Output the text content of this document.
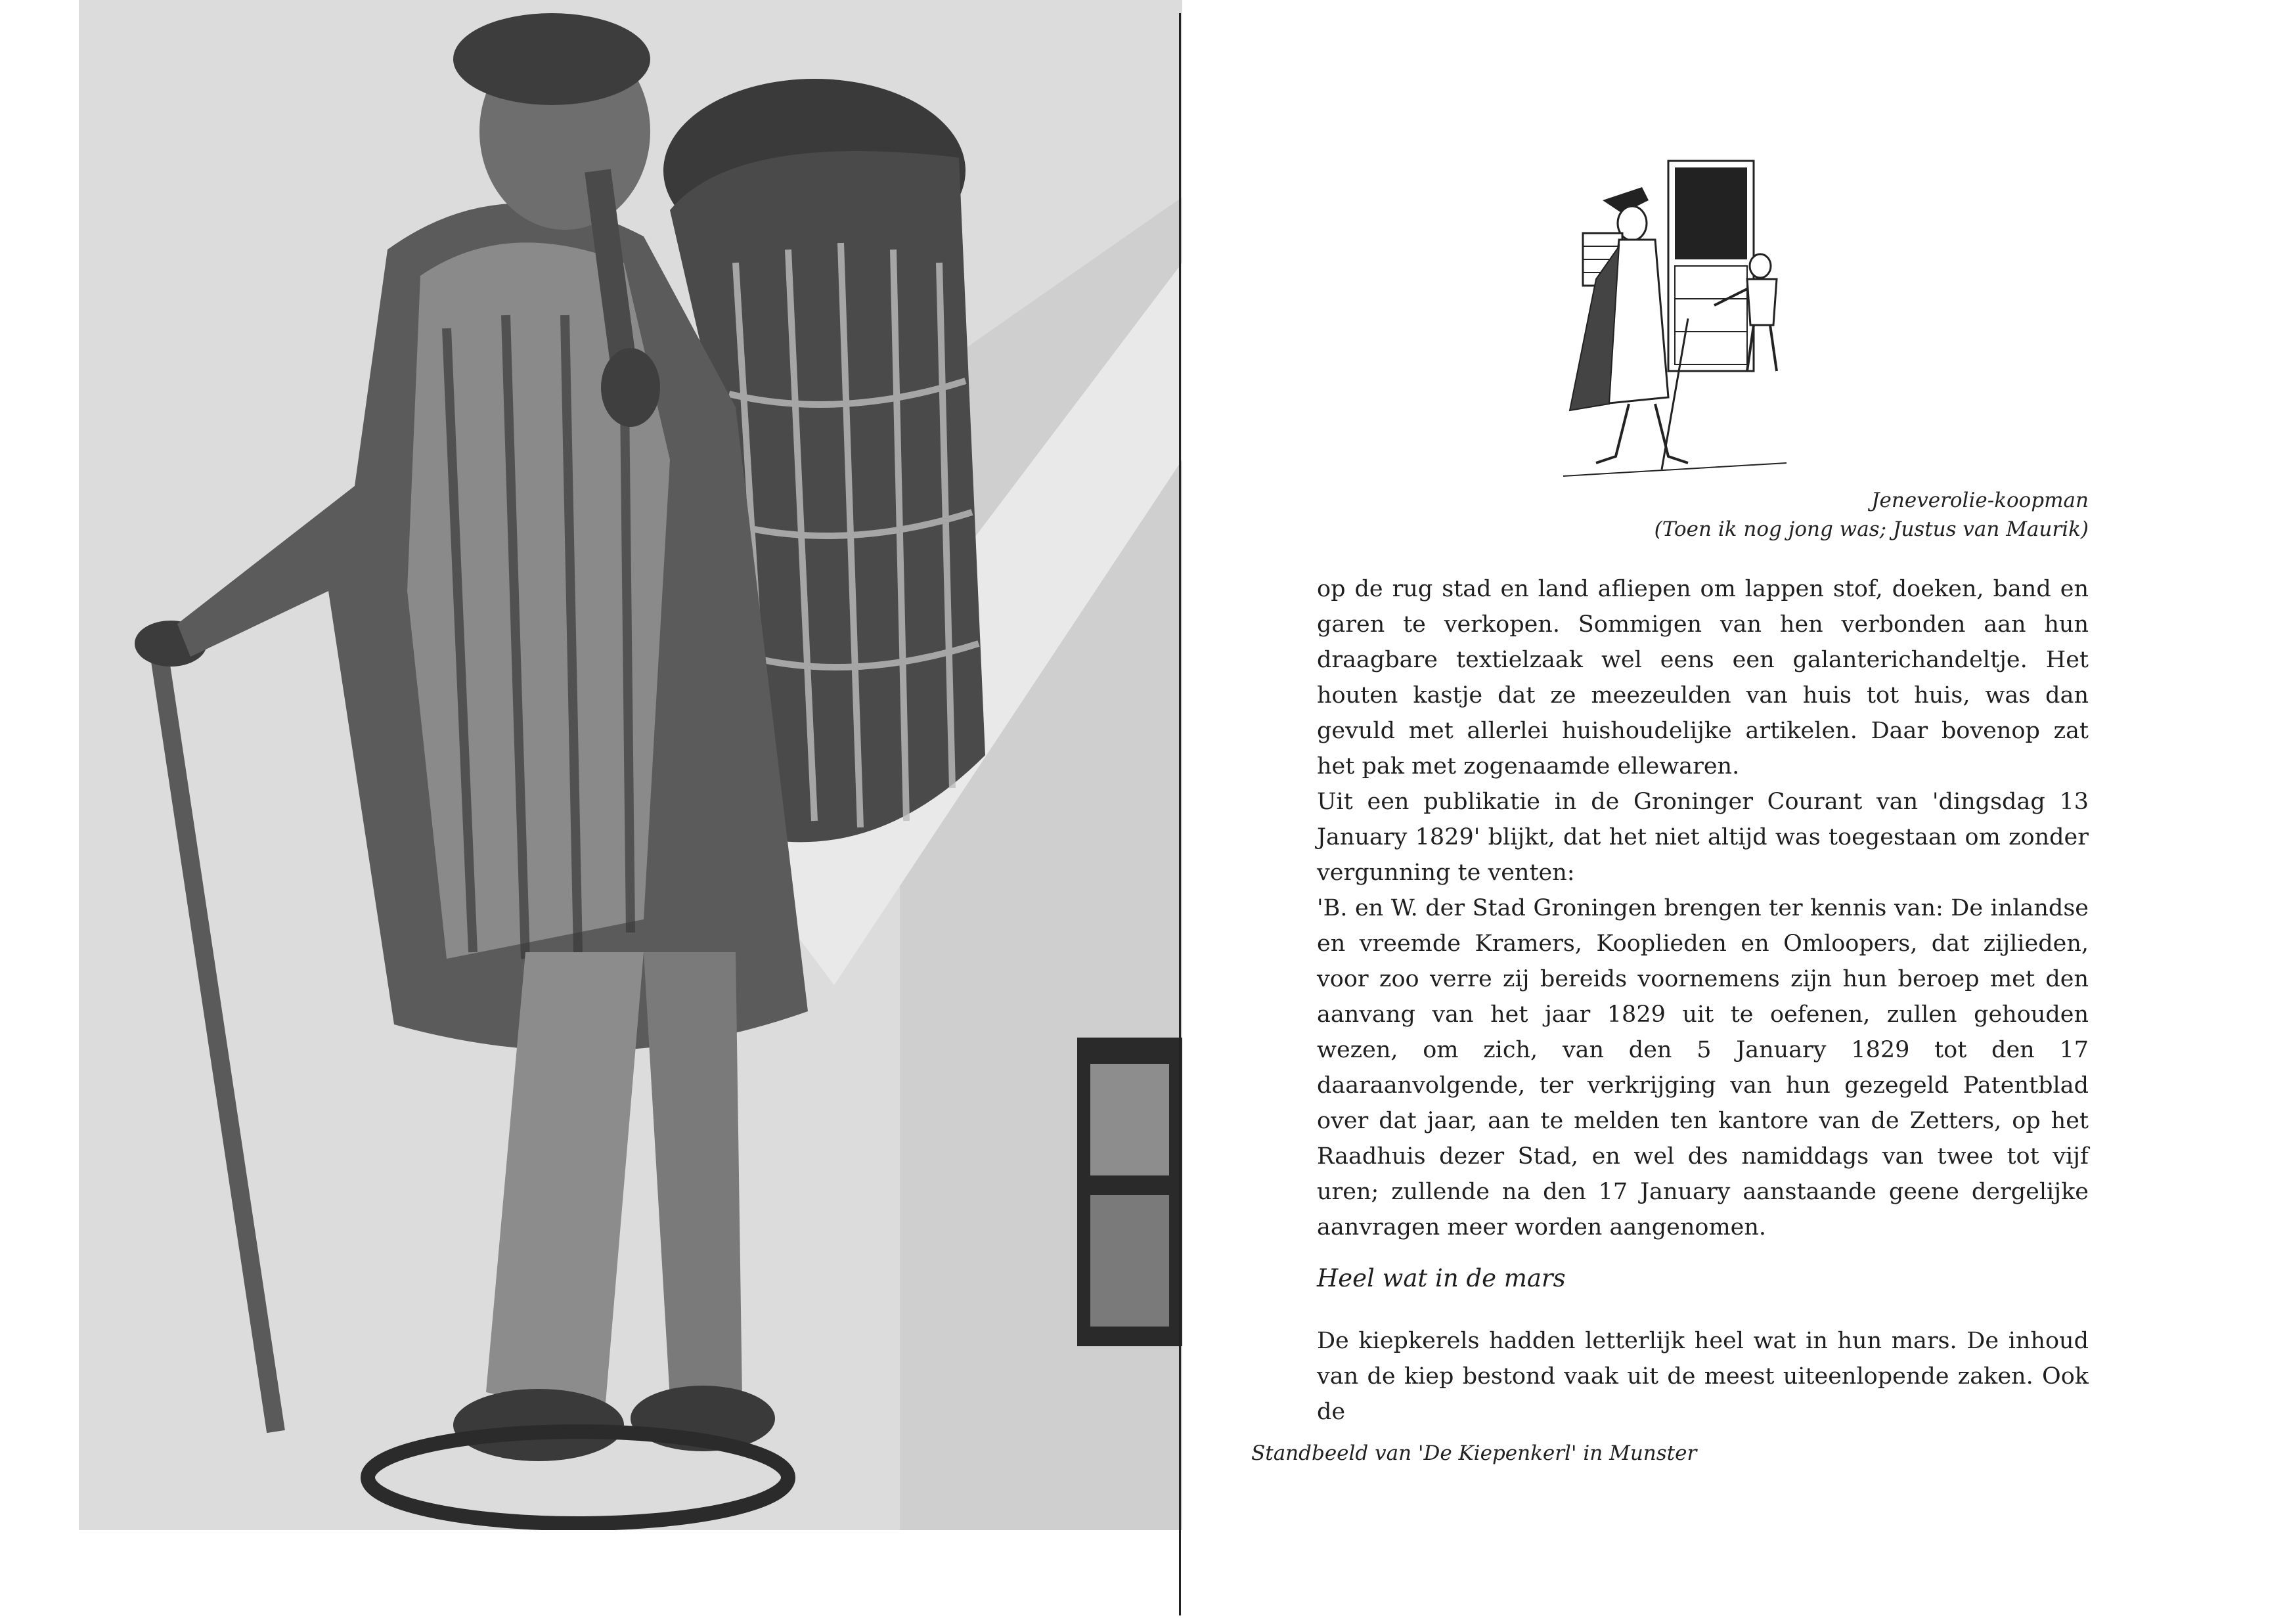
Jeneverolie-koopman
(Toen ik nog jong was; Justus van Maurik)

op de rug stad en land afliepen om lappen stof, doeken, band en garen te verkopen. Sommigen van hen verbonden aan hun draagbare textielzaak wel eens een galanterichandeltje. Het houten kastje dat ze meezeulden van huis tot huis, was dan gevuld met allerlei huishoudelijke artikelen. Daar bovenop zat het pak met zogenaamde ellewaren.

Uit een publikatie in de Groninger Courant van 'dingsdag 13 January 1829' blijkt, dat het niet altijd was toegestaan om zonder vergunning te venten:

'B. en W. der Stad Groningen brengen ter kennis van: De inlandse en vreemde Kramers, Kooplieden en Omloopers, dat zijlieden, voor zoo verre zij bereids voornemens zijn hun beroep met den aanvang van het jaar 1829 uit te oefenen, zullen gehouden wezen, om zich, van den 5 January 1829 tot den 17 daaraanvolgende, ter verkrijging van hun gezegeld Patentblad over dat jaar, aan te melden ten kantore van de Zetters, op het Raadhuis dezer Stad, en wel des namiddags van twee tot vijf uren; zullende na den 17 January aanstaande geene dergelijke aanvragen meer worden aangenomen.

Heel wat in de mars

De kiepkerels hadden letterlijk heel wat in hun mars. De inhoud van de kiep bestond vaak uit de meest uiteenlopende zaken. Ook de

Standbeeld van 'De Kiepenkerl' in Munster
